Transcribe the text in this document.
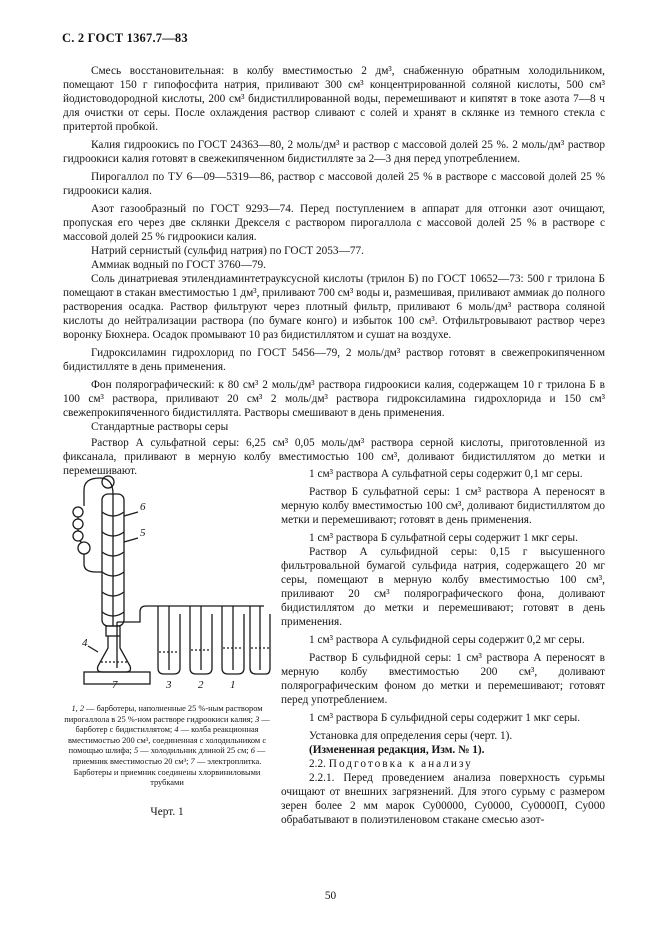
С. 2 ГОСТ 1367.7—83

Смесь восстановительная: в колбу вместимостью 2 дм³, снабженную обратным холодильником, помещают 150 г гипофосфита натрия, приливают 300 см³ концентрированной соляной кислоты, 500 см³ йодистоводородной кислоты, 200 см³ бидистиллированной воды, перемешивают и кипятят в токе азота 7—8 ч для очистки от серы. После охлаждения раствор сливают с солей и хранят в склянке из темного стекла с притертой пробкой.

Калия гидроокись по ГОСТ 24363—80, 2 моль/дм³ и раствор с массовой долей 25 %. 2 моль/дм³ раствор гидроокиси калия готовят в свежекипяченном бидистилляте за 2—3 дня перед употреблением.

Пирогаллол по ТУ 6—09—5319—86, раствор с массовой долей 25 % в растворе с массовой долей 25 % гидроокиси калия.

Азот газообразный по ГОСТ 9293—74. Перед поступлением в аппарат для отгонки азот очищают, пропуская его через две склянки Дрекселя с раствором пирогаллола с массовой долей 25 % в растворе с массовой долей 25 % гидроокиси калия.

Натрий сернистый (сульфид натрия) по ГОСТ 2053—77.

Аммиак водный по ГОСТ 3760—79.

Соль динатриевая этилендиаминтетрауксусной кислоты (трилон Б) по ГОСТ 10652—73: 500 г трилона Б помещают в стакан вместимостью 1 дм³, приливают 700 см³ воды и, размешивая, приливают аммиак до полного растворения осадка. Раствор фильтруют через плотный фильтр, приливают 6 моль/дм³ раствора соляной кислоты до нейтрализации раствора (по бумаге конго) и избыток 100 см³. Отфильтровывают раствор через воронку Бюхнера. Осадок промывают 10 раз бидистиллятом и сушат на воздухе.

Гидроксиламин гидрохлорид по ГОСТ 5456—79, 2 моль/дм³ раствор готовят в свежепрокипяченном бидистилляте в день применения.

Фон полярографический: к 80 см³ 2 моль/дм³ раствора гидроокиси калия, содержащем 10 г трилона Б в 100 см³ раствора, приливают 20 см³ 2 моль/дм³ раствора гидроксиламина гидрохлорида и 150 см³ свежепрокипяченного бидистиллята. Растворы смешивают в день применения.

Стандартные растворы серы

Раствор А сульфатной серы: 6,25 см³ 0,05 моль/дм³ раствора серной кислоты, приготовленной из фиксанала, приливают в мерную колбу вместимостью 100 см³, доливают бидистиллятом до метки и перемешивают.

4
5
6
7	3 2 1
1, 2 — барботеры, наполненные 25 %-ным раствором пирогаллола в 25 %-ном растворе гидроокиси калия; 3 — барботер с бидистиллятом; 4 — колба реакционная вместимостью 200 см³, соединенная с холодильником с помощью шлифа; 5 — холодильник длиной 25 см; 6 — приемник вместимостью 20 см³; 7 — электроплитка. Барботеры и приемник соединены хлорвиниловыми трубками
Черт. 1

1 см³ раствора А сульфатной серы содержит 0,1 мг серы.

Раствор Б сульфатной серы: 1 см³ раствора А переносят в мерную колбу вместимостью 100 см³, доливают бидистиллятом до метки и перемешивают; готовят в день применения.

1 см³ раствора Б сульфатной серы содержит 1 мкг серы.

Раствор А сульфидной серы: 0,15 г высушенного фильтровальной бумагой сульфида натрия, содержащего 20 мг серы, помещают в мерную колбу вместимостью 100 см³, приливают 20 см³ полярографического фона, доливают бидистиллятом до метки и перемешивают; готовят в день применения.

1 см³ раствора А сульфидной серы содержит 0,2 мг серы.

Раствор Б сульфидной серы: 1 см³ раствора А переносят в мерную колбу вместимостью 200 см³, доливают полярографическим фоном до метки и перемешивают; готовят перед употреблением.

1 см³ раствора Б сульфидной серы содержит 1 мкг серы.

Установка для определения серы (черт. 1).

(Измененная редакция, Изм. № 1).

2.2. Подготовка к анализу

2.2.1. Перед проведением анализа поверхность сурьмы очищают от внешних загрязнений. Для этого сурьму с размером зерен более 2 мм марок Су00000, Су0000, Су0000П, Су000 обрабатывают в полиэтиленовом стакане смесью азот-

50
